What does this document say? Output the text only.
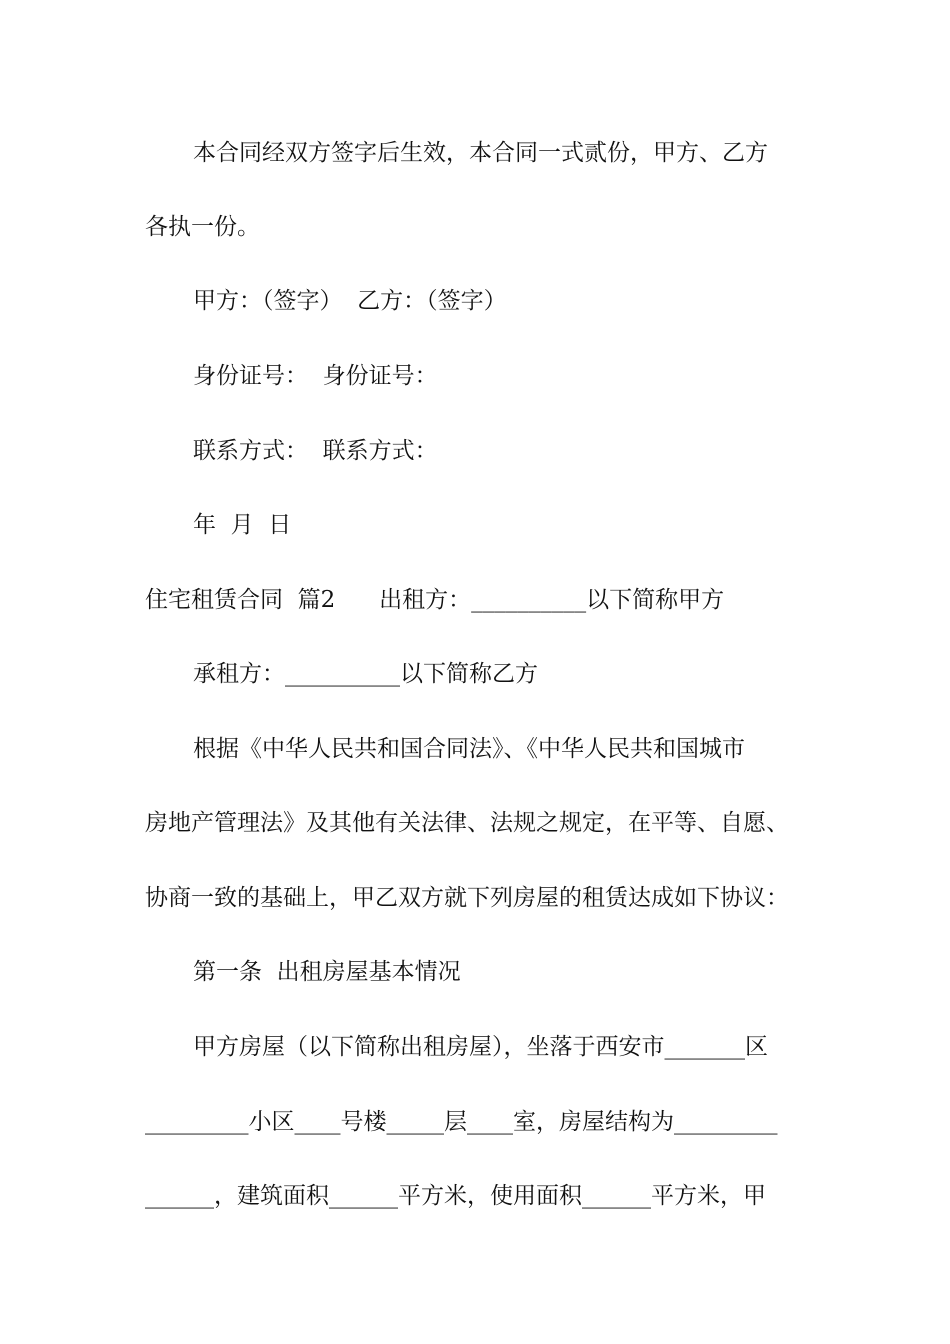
本合同经双方签字后生效，本合同一式贰份，甲方、乙方
各执一份。
甲方：（签字）  乙方：（签字）
身份证号：  身份证号：
联系方式：  联系方式：
年  月  日
住宅租赁合同  篇2      出租方：__________以下简称甲方
承租方：__________以下简称乙方
根据《中华人民共和国合同法》、《中华人民共和国城市
房地产管理法》及其他有关法律、法规之规定，在平等、自愿、
协商一致的基础上，甲乙双方就下列房屋的租赁达成如下协议：
第一条  出租房屋基本情况
甲方房屋（以下简称出租房屋），坐落于西安市_______区
_________小区____号楼_____层____室，房屋结构为_________
______，建筑面积______平方米，使用面积______平方米，甲
